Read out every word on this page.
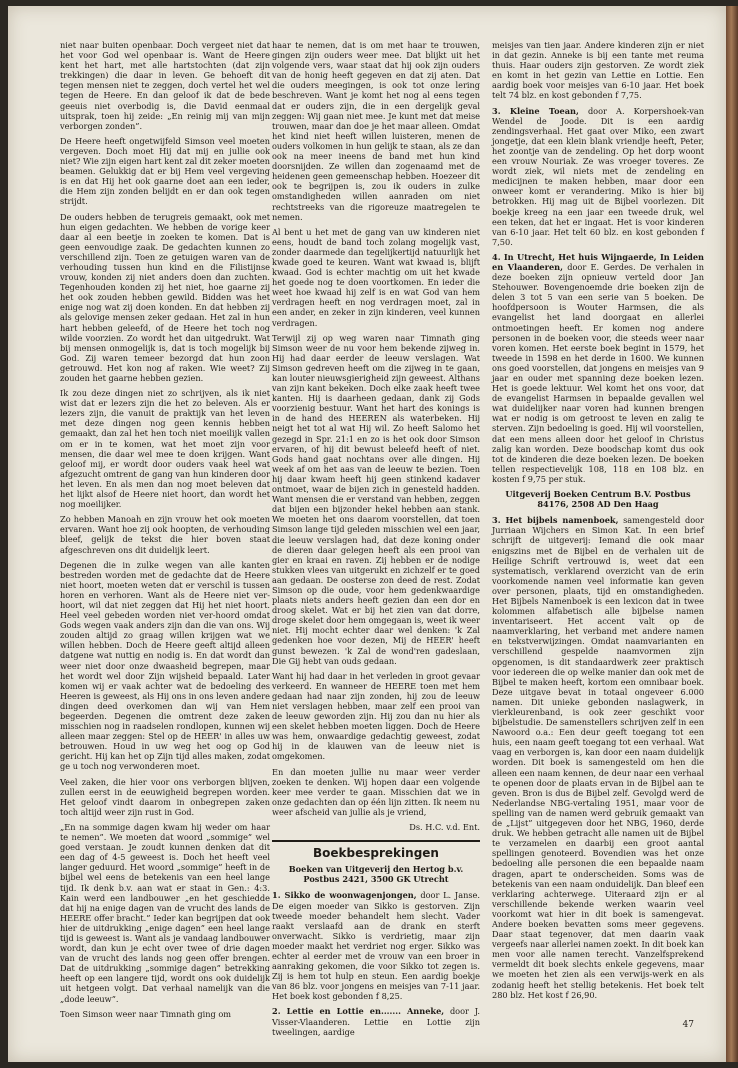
niet naar buiten openbaar. Doch vergeet niet dat het voor God wel openbaar is. Want de Heere kent het hart, met alle hartstochten (dat zijn trekkingen) die daar in leven. Ge behoeft dit tegen mensen niet te zeggen, doch vertel het wel tegen de Heere. En dan geloof ik dat de bede geeuis niet overbodig is, die David eenmaal uitsprak, toen hij zeide: „En reinig mij van mijn verborgen zonden”.

De Heere heeft ongetwijfeld Simson veel moeten vergeven. Doch moet Hij dat mij en jullie ook niet? Wie zijn eigen hart kent zal dit zeker moeten beamen. Gelukkig dat er bij Hem veel vergeving is en dat Hij het ook gaarne doet aan een ieder, die Hem zijn zonden belijdt en er dan ook tegen strijdt.

De ouders hebben de terugreis gemaakt, ook met hun eigen gedachten. We hebben de vorige keer daar al een beetje in zoeken te komen. Dat is geen eenvoudige zaak. De gedachten kunnen zo verschillend zijn. Toen ze getuigen waren van de verhouding tussen hun kind en die Filistijnse vrouw, konden zij niet anders doen dan zuchten. Tegenhouden konden zij het niet, hoe gaarne zij het ook zouden hebben gewild. Bidden was het enige nog wat zij doen konden. En dat hebben zij als gelovige mensen zeker gedaan. Het zal in hun hart hebben geleefd, of de Heere het toch nog wilde voorzien. Zo wordt het dan uitgedrukt. Wat bij mensen onmogelijk is, dat is toch mogelijk bij God. Zij waren temeer bezorgd dat hun zoon getrouwd. Het kon nog af raken. Wie weet? Zij zouden het gaarne hebben gezien.

Ik zou deze dingen niet zo schrijven, als ik niet wist dat er lezers zijn die het zo beleven. Als er lezers zijn, die vanuit de praktijk van het leven met deze dingen nog geen kennis hebben gemaakt, dan zal het hen toch niet moeilijk vallen om er in te komen, wat het moet zijn voor mensen, die daar wel mee te doen krijgen. Want geloof mij, er wordt door ouders vaak heel wat afgezucht omtrent de gang van hun kinderen door het leven. En als men dan nog moet beleven dat het lijkt alsof de Heere niet hoort, dan wordt het nog moeilijker.

Zo hebben Manoah en zijn vrouw het ook moeten ervaren. Want hoe zij ook hoopten, de verhouding bleef, gelijk de tekst die hier boven staat afgeschreven ons dit duidelijk leert.

Degenen die in zulke wegen van alle kanten bestreden worden met de gedachte dat de Heere niet hoort, moeten weten dat er verschil is tussen horen en verhoren. Want als de Heere niet ver-hoort, wil dat niet zeggen dat Hij het niet hoort. Heel veel gebeden worden niet ver-hoord omdat Gods wegen vaak anders zijn dan die van ons. Wij zouden altijd zo graag willen krijgen wat we willen hebben. Doch de Heere geeft altijd alleen datgene wat nuttig en nodig is. En dat wordt dan weer niet door onze dwaasheid begrepen, maar het wordt wel door Zijn wijsheid bepaald. Later komen wij er vaak achter wat de bedoeling des Heeren is geweest, als Hij ons in ons leven andere dingen deed overkomen dan wij van Hem begeerden. Degenen die omtrent deze zaken misschien nog in raadselen rondlopen, kunnen wij alleen maar zeggen: Stel op de HEER' in alles uw betrouwen. Houd in uw weg het oog op God gericht. Hij kan het op Zijn tijd alles maken, zodat ge u toch nog verwonderen moet.

Veel zaken, die hier voor ons verborgen blijven, zullen eerst in de eeuwigheid begrepen worden. Het geloof vindt daarom in onbegrepen zaken toch altijd weer zijn rust in God.

„En na sommige dagen kwam hij weder om haar te nemen”. We moeten dat woord „sommige” wel goed verstaan. Je zoudt kunnen denken dat dit een dag of 4-5 geweest is. Doch het heeft veel langer geduurd. Het woord „sommige” heeft in de bijbel wel eens de betekenis van een heel lange tijd. Ik denk b.v. aan wat er staat in Gen.: 4:3. Kain werd een landbouwer „en het geschiedde dat hij na enige dagen van de vrucht des lands de HEERE offer bracht.” Ieder kan begrijpen dat ook hier de uitdrukking „enige dagen” een heel lange tijd is geweest is. Want als je vandaag landbouwer wordt, dan kun je echt over twee of drie dagen van de vrucht des lands nog geen offer brengen. Dat de uitdrukking „sommige dagen” betrekking heeft op een langere tijd, wordt ons ook duidelijk uit hetgeen volgt. Dat verhaal namelijk van die „dode leeuw”.

Toen Simson weer naar Timnath ging om

haar te nemen, dat is om met haar te trouwen, gingen zijn ouders weer mee. Dat blijkt uit het volgende vers, waar staat dat hij ook zijn ouders van de honig heeft gegeven en dat zij aten. Dat die ouders meegingen, is ook tot onze lering beschreven. Want je komt het nog al eens tegen dat er ouders zijn, die in een dergelijk geval zeggen: Wij gaan niet mee. Je kunt met dat meise trouwen, maar dan doe je het maar alleen. Omdat het kind niet heeft willen luisteren, menen de ouders volkomen in hun gelijk te staan, als ze dan ook na meer ineens de band met hun kind doorsnijden. Ze willen dan zogenaamd met de heidenen geen gemeenschap hebben. Hoezeer dit ook te begrijpen is, zou ik ouders in zulke omstandigheden willen aanraden om niet rechtstreeks van die rigoreuze maatregelen te nemen.

Al bent u het met de gang van uw kinderen niet eens, houdt de band toch zolang mogelijk vast, zonder daarmede dan tegelijkertijd natuurlijk het kwade goed te keuren. Want wat kwaad is, blijft kwaad. God is echter machtig om uit het kwade het goede nog te doen voortkomen. En ieder die weet hoe kwaad hij zelf is en wat God van hem verdragen heeft en nog verdragen moet, zal in een ander, en zeker in zijn kinderen, veel kunnen verdragen.

Terwijl zij op weg waren naar Timnath ging Simson weer de nu voor hem bekende zijweg in. Hij had daar eerder de leeuw verslagen. Wat Simson gedreven heeft om die zijweg in te gaan, kan louter nieuwsgierigheid zijn geweest. Althans van zijn kant bekeken. Doch elke zaak heeft twee kanten. Hij is daarheen gedaan, dank zij Gods voorzienig bestuur. Want het hart des konings is in de hand des HEEREN als waterbeken. Hij neigt het tot al wat Hij wil. Zo heeft Salomo het gezegd in Spr. 21:1 en zo is het ook door Simson ervaren, of hij dit bewust beleefd heeft of niet. Gods hand gaat nochtans over alle dingen. Hij week af om het aas van de leeuw te bezien. Toen hij daar kwam heeft hij geen stinkend kadaver ontmoet, waar de bijen zich in genesteld hadden. Want mensen die er verstand van hebben, zeggen dat bijen een bijzonder hekel hebben aan stank. We moeten het ons daarom voorstellen, dat toen Simson lange tijd geleden misschien wel een jaar, die leeuw verslagen had, dat deze koning onder de dieren daar gelegen heeft als een prooi van gier en kraai en raven. Zij hebben er de nodige stukken vlees van uitgerukt en zichzelf er te goed aan gedaan. De oosterse zon deed de rest. Zodat Simson op die oude, voor hem gedenkwaardige plaats niets anders heeft gezien dan een dor en droog skelet. Wat er bij het zien van dat dorre, droge skelet door hem omgegaan is, weet ik weer niet. Hij mocht echter daar wel denken: 'k Zal gedenken hoe voor dezen, Mij de HEER' heeft gunst bewezen. 'k Zal de wond'ren gadeslaan, Die Gij hebt van ouds gedaan.

Want hij had daar in het verleden in groot gevaar verkeerd. En wanneer de HEERE toen met hem gedaan had naar zijn zonden, hij zou de leeuw niet verslagen hebben, maar zelf een prooi van de leeuw geworden zijn. Hij zou dan nu hier als een skelet hebben moeten liggen. Doch de Heere was hem, onwaardige gedachtig geweest, zodat hij in de klauwen van de leeuw niet is omgekomen.

En dan moeten jullie nu maar weer verder zoeken te denken. Wij hopen daar een volgende keer mee verder te gaan. Misschien dat we in onze gedachten dan op één lijn zitten. Ik neem nu weer afscheid van jullie als je vriend,

Ds. H.C. v.d. Ent.
Boekbesprekingen
Boeken van Uitgeverij den Hertog b.v. Postbus 2421, 3500 GK Utrecht

1. Sikko de woonwagenjongen, door L. Janse. De eigen moeder van Sikko is gestorven. Zijn tweede moeder behandelt hem slecht. Vader raakt verslaafd aan de drank en sterft onverwacht. Sikko is verdrietig, maar zijn moeder maakt het verdriet nog erger. Sikko was echter al eerder met de vrouw van een broer in aanraking gekomen, die voor Sikko tot zegen is. Zij is hem tot hulp en steun. Een aardig boekje van 86 blz. voor jongens en meisjes van 7-11 jaar. Het boek kost gebonden f 8,25.

2. Lettie en Lottie en....... Anneke, door J. Visser-Vlaanderen. Lettie en Lottie zijn tweelingen, aardige

meisjes van tien jaar. Andere kinderen zijn er niet in dat gezin. Anneke is bij een tante met reuma thuis. Haar ouders zijn gestorven. Ze wordt ziek en komt in het gezin van Lettie en Lottie. Een aardig boek voor meisjes van 6-10 jaar. Het boek telt 74 blz. en kost gebonden f 7,75.

3. Kleine Toean, door A. Korpershoek-van Wendel de Joode. Dit is een aardig zendingsverhaal. Het gaat over Miko, een zwart jongetje, dat een klein blank vriendje heeft, Peter, het zoontje van de zendeling. Op het dorp woont een vrouw Nouriak. Ze was vroeger toveres. Ze wordt ziek, wil niets met de zendeling en medicijnen te maken hebben, maar door een onweer komt er verandering. Miko is hier bij betrokken. Hij mag uit de Bijbel voorlezen. Dit boekje kreeg na een jaar een tweede druk, wel een teken, dat het er ingaat. Het is voor kinderen van 6-10 jaar. Het telt 60 blz. en kost gebonden f 7,50.

4. In Utrecht, Het huis Wijngaerde, In Leiden en Vlaanderen, door E. Gerdes. De verhalen in deze boeken zijn opnieuw verteld door Jan Stehouwer. Bovengenoemde drie boeken zijn de delen 3 tot 5 van een serie van 5 boeken. De hoofdpersoon is Wouter Harmsen, die als evangelist het land doorgaat en allerlei ontmoetingen heeft. Er komen nog andere personen in de boeken voor, die steeds weer naar voren komen. Het eerste boek begint in 1579, het tweede in 1598 en het derde in 1600. We kunnen ons goed voorstellen, dat jongens en meisjes van 9 jaar en ouder met spanning deze boeken lezen. Het is goede lektuur. Wel komt het ons voor, dat de evangelist Harmsen in bepaalde gevallen wel wat duidelijker naar voren had kunnen brengen wat er nodig is om getroost te leven en zalig te sterven. Zijn bedoeling is goed. Hij wil voorstellen, dat een mens alleen door het geloof in Christus zalig kan worden. Deze boodschap komt dus ook tot de kinderen die deze boeken lezen. De boeken tellen respectievelijk 108, 118 en 108 blz. en kosten f 9,75 per stuk.

Uitgeverij Boeken Centrum B.V. Postbus 84176, 2508 AD Den Haag

3. Het bijbels namenboek, samengesteld door Jurriaan Wijchers en Simon Kat. In een brief schrijft de uitgeverij: Iemand die ook maar enigszins met de Bijbel en de verhalen uit de Heilige Schrift vertrouwd is, weet dat een systematisch, verklarend overzicht van de erin voorkomende namen veel informatie kan geven over personen, plaats, tijd en omstandigheden. Het Bijbels Namenboek is een lexicon dat in twee kolommen alfabetisch alle bijbelse namen inventariseert. Het accent valt op de naamverklaring, het verband met andere namen en tekstverwijzingen. Omdat naamvarianten en verschillend gespelde naamvormen zijn opgenomen, is dit standaardwerk zeer praktisch voor iedereen die op welke manier dan ook met de Bijbel te maken heeft, kortom een omnibaar boek. Deze uitgave bevat in totaal ongeveer 6.000 namen. Dit unieke gebonden naslagwerk, in vierkleurenband, is ook zeer geschikt voor bijbelstudie. De samenstellers schrijven zelf in een Nawoord o.a.: Een deur geeft toegang tot een huis, een naam geeft toegang tot een verhaal. Wat vaag en verborgen is, kan door een naam duidelijk worden. Dit boek is samengesteld om hen die alleen een naam kennen, de deur naar een verhaal te openen door de plaats ervan in de Bijbel aan te geven. Bron is dus de Bijbel zelf. Gevolgd werd de Nederlandse NBG-vertaling 1951, maar voor de spelling van de namen werd gebruik gemaakt van de „Lijst” uitgegeven door het NBG, 1960, derde druk. We hebben getracht alle namen uit de Bijbel te verzamelen en daarbij een groot aantal spellingen genoteerd. Bovendien was het onze bedoeling alle personen die een bepaalde naam dragen, apart te onderscheiden. Soms was de betekenis van een naam onduidelijk. Dan bleef een verklaring achterwege. Uiteraard zijn er al verschillende bekende werken waarin veel voorkomt wat hier in dit boek is samengevat. Andere boeken bevatten soms meer gegevens. Daar staat tegenover, dat men daarin vaak vergeefs naar allerlei namen zoekt. In dit boek kan men voor alle namen terecht. Vanzelfsprekend vermeldt dit boek slechts enkele gegevens, maar we moeten het zien als een verwijs-werk en als zodanig heeft het stellig betekenis. Het boek telt 280 blz. Het kost f 26,90.

47
